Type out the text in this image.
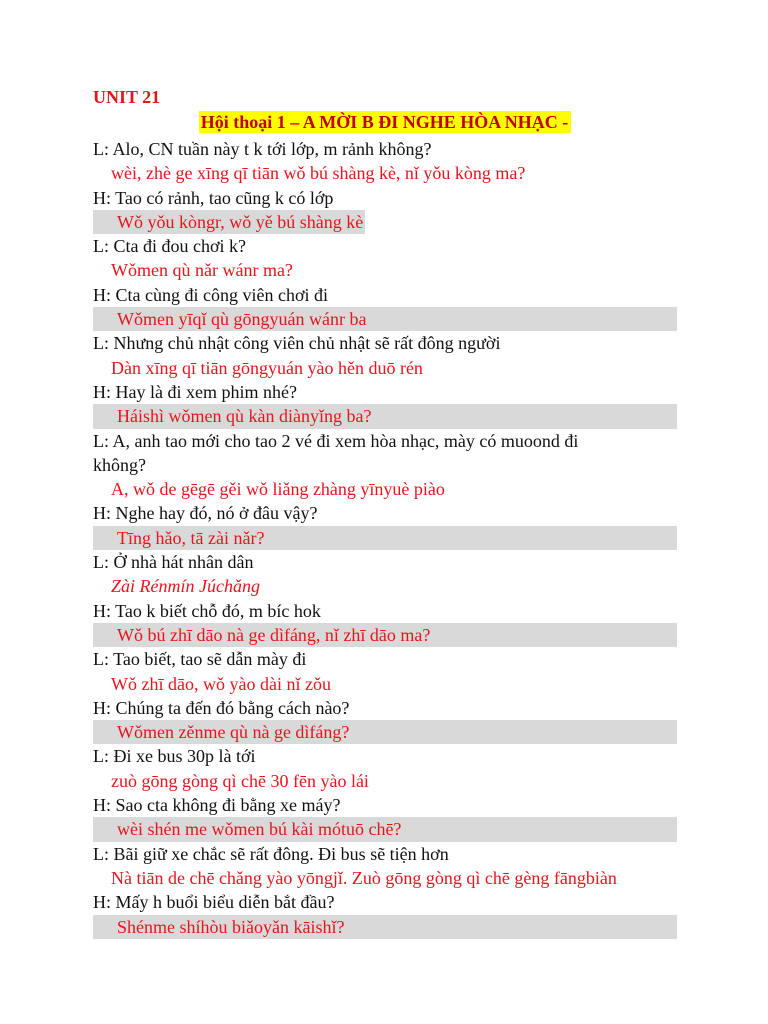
UNIT 21
Hội thoại 1 – A MỜI B ĐI NGHE HÒA NHẠC -
L: Alo, CN tuần này t k tới lớp, m rảnh không?
wèi, zhè ge xīng qī tiān wǒ bú shàng kè, nǐ yǒu kòng ma?
H: Tao có rảnh, tao cũng k có lớp
Wǒ yǒu kòngr, wǒ yě bú shàng kè
L: Cta đi đou chơi k?
Wǒmen qù nǎr wánr ma?
H: Cta cùng đi công viên chơi đi
Wǒmen yīqǐ qù gōngyuán wánr ba
L: Nhưng chủ nhật công viên chủ nhật sẽ rất đông người
Dàn xīng qī tiān gōngyuán yào hěn duō rén
H: Hay là đi xem phim nhé?
Háishì wǒmen qù kàn diànyǐng ba?
L: A, anh tao mới cho tao 2 vé đi xem hòa nhạc, mày có muoond đi
không?
A, wǒ de gēgē gěi wǒ liǎng zhàng yīnyuè piào
H: Nghe hay đó, nó ở đâu vậy?
Tīng hǎo, tā zài nǎr?
L: Ở nhà hát nhân dân
Zài Rénmín Júchǎng
H: Tao k biết chỗ đó, m bíc hok
Wǒ bú zhī dāo nà ge dìfáng, nǐ zhī dāo ma?
L: Tao biết, tao sẽ dẫn mày đi
Wǒ zhī dāo, wǒ yào dài nǐ zǒu
H: Chúng ta đến đó bằng cách nào?
Wǒmen zěnme qù nà ge dìfáng?
L: Đi xe bus 30p là tới
zuò gōng gòng qì chē 30 fēn yào lái
H: Sao cta không đi bằng xe máy?
wèi shén me wǒmen bú kài mótuō chē?
L: Bãi giữ xe chắc sẽ rất đông. Đi bus sẽ tiện hơn
Nà tiān de chē chǎng yào yōngjǐ. Zuò gōng gòng qì chē gèng fāngbiàn
H: Mấy h buổi biểu diễn bắt đầu?
Shénme shíhòu biǎoyǎn kāishǐ?
